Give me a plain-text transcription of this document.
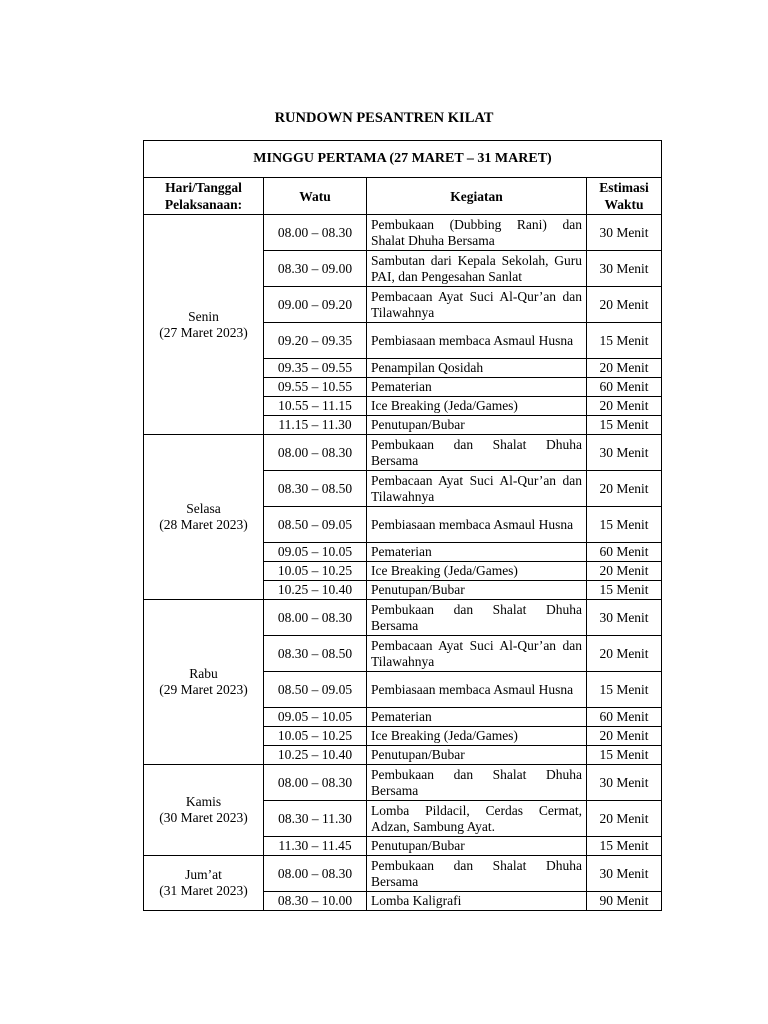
RUNDOWN PESANTREN KILAT
MINGGU PERTAMA (27 MARET – 31 MARET)			
Hari/Tanggal Pelaksanaan:	Watu	Kegiatan	Estimasi Waktu

Senin
(27 Maret 2023)	08.00 – 08.30	Pembukaan (Dubbing Rani) dan Shalat Dhuha Bersama	30 Menit
	08.30 – 09.00	Sambutan dari Kepala Sekolah, Guru PAI, dan Pengesahan Sanlat	30 Menit
	09.00 – 09.20	Pembacaan Ayat Suci Al-Qur’an dan Tilawahnya	20 Menit
	09.20 – 09.35	Pembiasaan membaca Asmaul Husna	15 Menit
	09.35 – 09.55	Penampilan Qosidah	20 Menit
	09.55 – 10.55	Pematerian	60 Menit
	10.55 – 11.15	Ice Breaking (Jeda/Games)	20 Menit
	11.15 – 11.30	Penutupan/Bubar	15 Menit

Selasa
(28 Maret 2023)	08.00 – 08.30	Pembukaan dan Shalat Dhuha Bersama	30 Menit
	08.30 – 08.50	Pembacaan Ayat Suci Al-Qur’an dan Tilawahnya	20 Menit
	08.50 – 09.05	Pembiasaan membaca Asmaul Husna	15 Menit
	09.05 – 10.05	Pematerian	60 Menit
	10.05 – 10.25	Ice Breaking (Jeda/Games)	20 Menit
	10.25 – 10.40	Penutupan/Bubar	15 Menit

Rabu
(29 Maret 2023)	08.00 – 08.30	Pembukaan dan Shalat Dhuha Bersama	30 Menit
	08.30 – 08.50	Pembacaan Ayat Suci Al-Qur’an dan Tilawahnya	20 Menit
	08.50 – 09.05	Pembiasaan membaca Asmaul Husna	15 Menit
	09.05 – 10.05	Pematerian	60 Menit
	10.05 – 10.25	Ice Breaking (Jeda/Games)	20 Menit
	10.25 – 10.40	Penutupan/Bubar	15 Menit

Kamis
(30 Maret 2023)	08.00 – 08.30	Pembukaan dan Shalat Dhuha Bersama	30 Menit
	08.30 – 11.30	Lomba Pildacil, Cerdas Cermat, Adzan, Sambung Ayat.	20 Menit
	11.30 – 11.45	Penutupan/Bubar	15 Menit

Jum’at
(31 Maret 2023)	08.00 – 08.30	Pembukaan dan Shalat Dhuha Bersama	30 Menit
	08.30 – 10.00	Lomba Kaligrafi	90 Menit
